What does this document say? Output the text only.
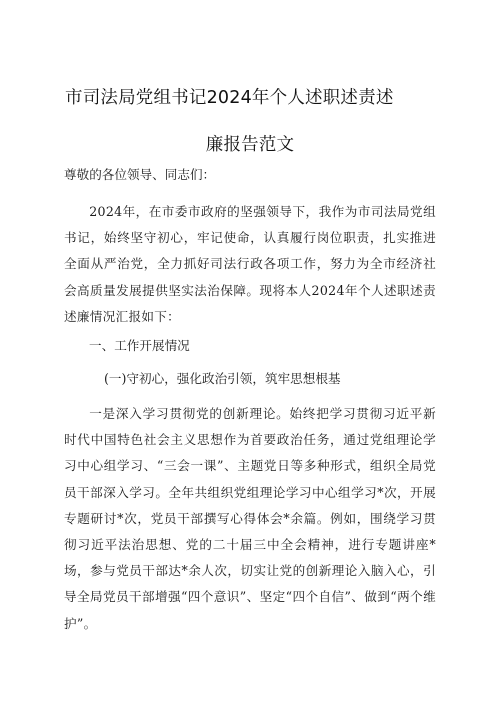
市司法局党组书记2024年个人述职述责述
廉报告范文
尊敬的各位领导、同志们：
2024年，在市委市政府的坚强领导下，我作为市司法局党组书记，始终坚守初心，牢记使命，认真履行岗位职责，扎实推进全面从严治党，全力抓好司法行政各项工作，努力为全市经济社会高质量发展提供坚实法治保障。现将本人2024年个人述职述责述廉情况汇报如下：
一、工作开展情况
(一)守初心，强化政治引领，筑牢思想根基
一是深入学习贯彻党的创新理论。始终把学习贯彻习近平新时代中国特色社会主义思想作为首要政治任务，通过党组理论学习中心组学习、“三会一课”、主题党日等多种形式，组织全局党员干部深入学习。全年共组织党组理论学习中心组学习*次，开展专题研讨*次，党员干部撰写心得体会*余篇。例如，围绕学习贯彻习近平法治思想、党的二十届三中全会精神，进行专题讲座*场，参与党员干部达*余人次，切实让党的创新理论入脑入心，引导全局党员干部增强“四个意识”、坚定“四个自信”、做到“两个维护”。
